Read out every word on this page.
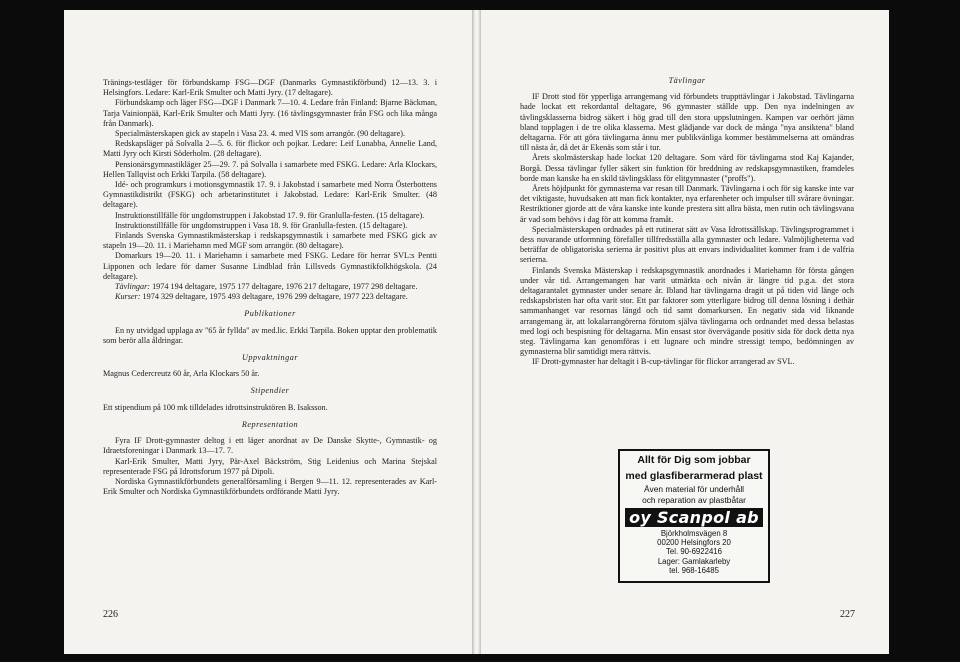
Tränings-testläger för förbundskamp FSG—DGF (Danmarks Gymnastikförbund) 12—13. 3. i Helsingfors. Ledare: Karl-Erik Smulter och Matti Jyry. (17 deltagare).

Förbundskamp och läger FSG—DGF i Danmark 7—10. 4. Ledare från Finland: Bjarne Bäckman, Tarja Vainionpää, Karl-Erik Smulter och Matti Jyry. (16 tävlingsgymnaster från FSG och lika många från Danmark).

Specialmästerskapen gick av stapeln i Vasa 23. 4. med VIS som arrangör. (90 deltagare).

Redskapsläger på Solvalla 2—5. 6. för flickor och pojkar. Ledare: Leif Lunabba, Annelie Land, Matti Jyry och Kirsti Söderholm. (28 deltagare).

Pensionärsgymnastikläger 25—29. 7. på Solvalla i samarbete med FSKG. Ledare: Arla Klockars, Hellen Tallqvist och Erkki Tarpila. (58 deltagare).

Idé- och programkurs i motionsgymnastik 17. 9. i Jakobstad i samarbete med Norra Österbottens Gymnastikdistrikt (FSKG) och arbetarinstitutet i Jakobstad. Ledare: Karl-Erik Smulter. (48 deltagare).

Instruktionstillfälle för ungdomstruppen i Jakobstad 17. 9. för Granlulla-festen. (15 deltagare).

Instruktionstillfälle för ungdomstruppen i Vasa 18. 9. för Granlulla-festen. (15 deltagare).

Finlands Svenska Gymnastikmästerskap i redskapsgymnastik i samarbete med FSKG gick av stapeln 19—20. 11. i Mariehamn med MGF som arrangör. (80 deltagare).

Domarkurs 19—20. 11. i Mariehamn i samarbete med FSKG. Ledare för herrar SVL:s Pentti Lipponen och ledare för damer Susanne Lindblad från Lillsveds Gymnastikfolkhögskola. (24 deltagare).

Tävlingar: 1974 194 deltagare, 1975 177 deltagare, 1976 217 deltagare, 1977 298 deltagare.

Kurser: 1974 329 deltagare, 1975 493 deltagare, 1976 299 deltagare, 1977 223 deltagare.

Publikationer

En ny utvidgad upplaga av "65 år fyllda" av med.lic. Erkki Tarpila. Boken upptar den problematik som berör alla åldringar.

Uppvaktningar

Magnus Cedercreutz 60 år, Arla Klockars 50 år.

Stipendier

Ett stipendium på 100 mk tilldelades idrottsinstruktören B. Isaksson.

Representation

Fyra IF Drott-gymnaster deltog i ett läger anordnat av De Danske Skytte-, Gymnastik- og Idraetsforeningar i Danmark 13—17. 7.

Karl-Erik Smulter, Matti Jyry, Pär-Axel Bäckström, Stig Leidenius och Marina Stejskal representerade FSG på Idrottsforum 1977 på Dipoli.

Nordiska Gymnastikförbundets generalförsamling i Bergen 9—11. 12. representerades av Karl-Erik Smulter och Nordiska Gymnastikförbundets ordförande Matti Jyry.

226

Tävlingar

IF Drott stod för ypperliga arrangemang vid förbundets truppttävlingar i Jakobstad. Tävlingarna hade lockat ett rekordantal deltagare, 96 gymnaster ställde upp. Den nya indelningen av tävlingsklasserna bidrog säkert i hög grad till den stora uppslutningen. Kampen var oerhört jämn bland topplagen i de tre olika klasserna. Mest glädjande var dock de många "nya ansiktena" bland deltagarna. För att göra tävlingarna ännu mer publikvänliga kommer bestämmelserna att omändras till nästa år, då det är Ekenäs som står i tur.

Årets skolmästerskap hade lockat 120 deltagare. Som värd för tävlingarna stod Kaj Kajander, Borgå. Dessa tävlingar fyller säkert sin funktion för breddning av redskapsgymnastiken, framdeles borde man kanske ha en skild tävlingsklass för elitgymnaster ("proffs").

Årets höjdpunkt för gymnasterna var resan till Danmark. Tävlingarna i och för sig kanske inte var det viktigaste, huvudsaken att man fick kontakter, nya erfarenheter och impulser till svårare övningar. Restriktioner gjorde att de våra kanske inte kunde prestera sitt allra bästa, men rutin och tävlingsvana är vad som behövs i dag för att komma framåt.

Specialmästerskapen ordnades på ett rutinerat sätt av Vasa Idrottssällskap. Tävlingsprogrammet i dess nuvarande utformning förefaller tillfredsställa alla gymnaster och ledare. Valmöjligheterna vad beträffar de obligatoriska serierna är positivt plus att envars individualitet kommer fram i de valfria serierna.

Finlands Svenska Mästerskap i redskapsgymnastik anordnades i Mariehamn för första gången under vår tid. Arrangemangen har varit utmärkta och nivån är längre tid p.g.a. det stora deltagarantalet gymnaster under senare år. Ibland har tävlingarna dragit ut på tiden vid länge och redskapsbristen har ofta varit stor. Ett par faktorer som ytterligare bidrog till denna lösning i dethär sammanhanget var resornas längd och tid samt domarkursen. En negativ sida vid liknande arrangemang är, att lokalarrangörerna förutom själva tävlingarna och ordnandet med dessa belastas med logi och bespisning för deltagarna. Min ensast stor övervägande positiv sida för dock detta nya steg. Tävlingarna kan genomföras i ett lugnare och mindre stressigt tempo, bedömningen av gymnasterna blir samtidigt mera rättvis.

IF Drott-gymnaster har deltagit i B-cup-tävlingar för flickor arrangerad av SVL.

Allt för Dig som jobbar
med glasfiberarmerad plast
Även material för underhåll
och reparation av plastbåtar
oy Scanpol ab
Björkholmsvägen 8
00200 Helsingfors 20
Tel. 90-6922416
Lager: Gamlakarleby
tel. 968-16485
227
